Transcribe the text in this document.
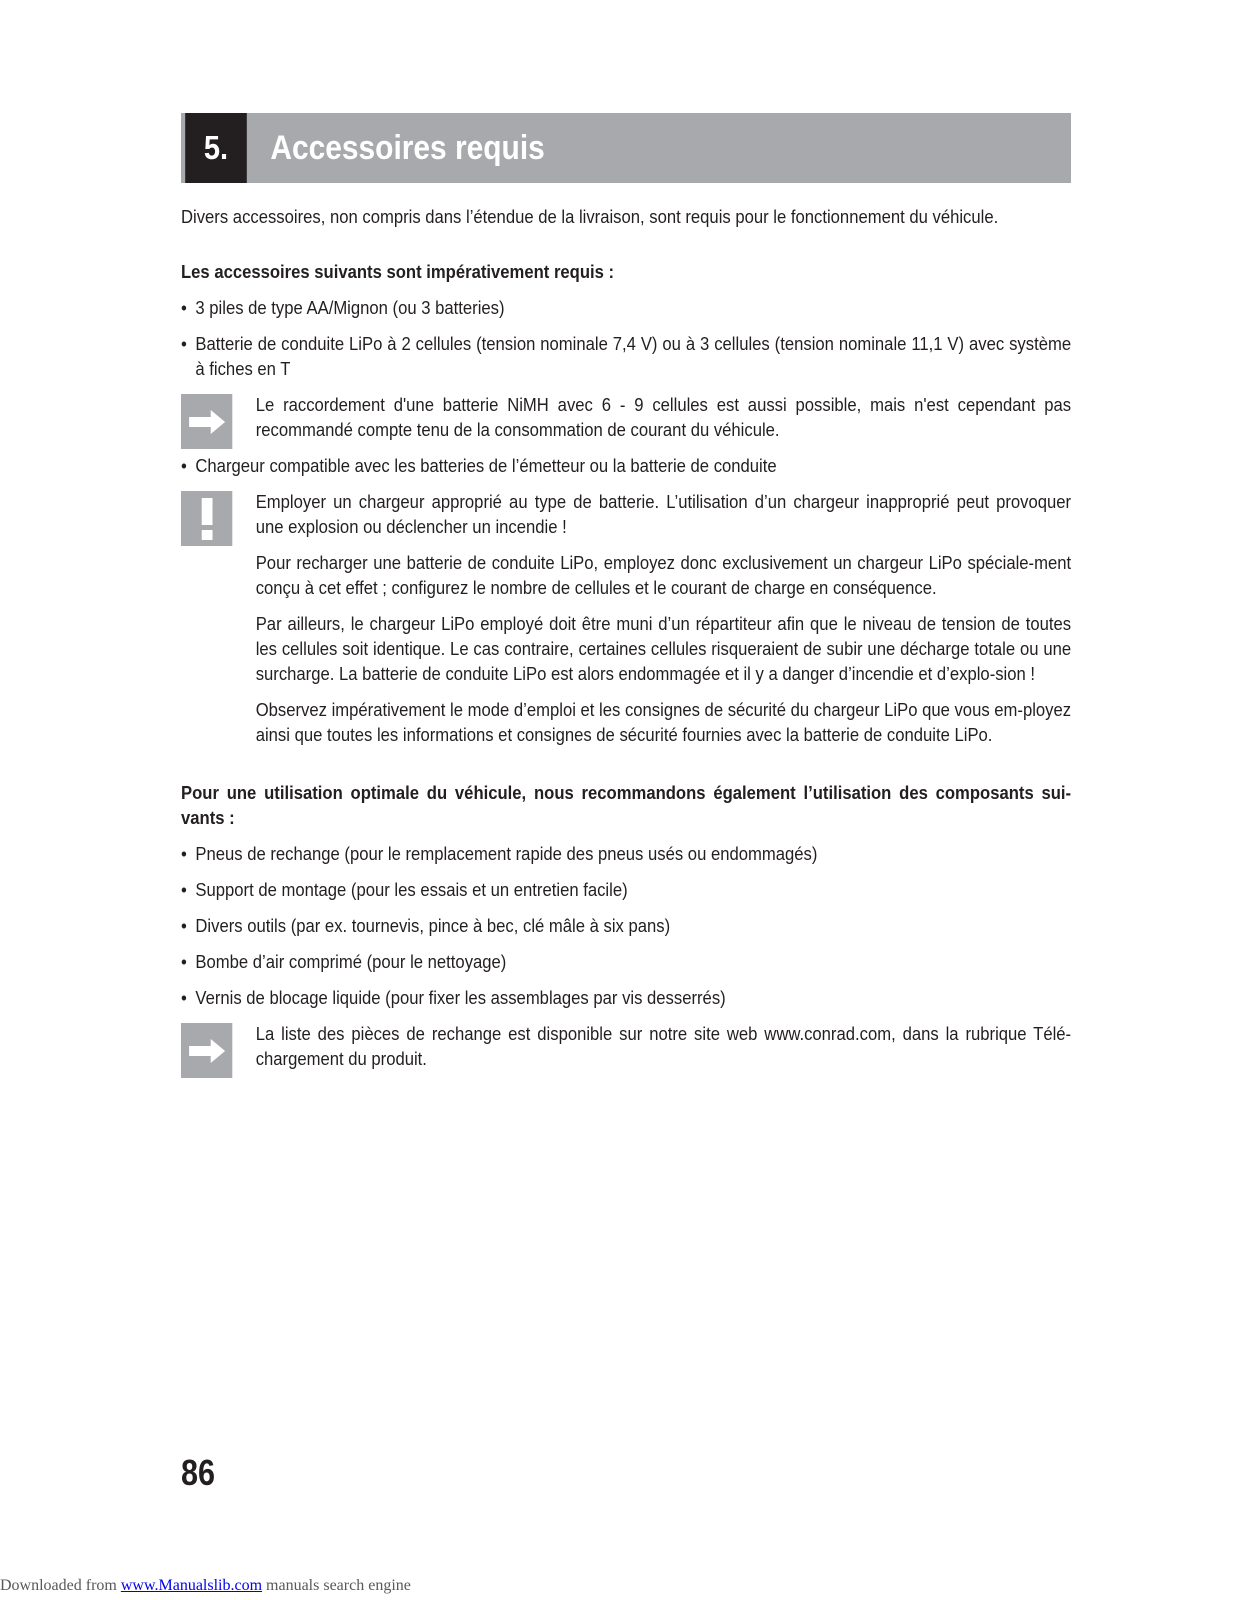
5.	Accessoires requis

Divers accessoires, non compris dans l’étendue de la livraison, sont requis pour le fonctionnement du véhicule.

Les accessoires suivants sont impérativement requis :

• 3 piles de type AA/Mignon (ou 3 batteries)
• Batterie de conduite LiPo à 2 cellules (tension nominale 7,4 V) ou à 3 cellules (tension nominale 11,1 V) avec système à fiches en T

Le raccordement d'une batterie NiMH avec 6 - 9 cellules est aussi possible, mais n'est cependant pas recommandé compte tenu de la consommation de courant du véhicule.

• Chargeur compatible avec les batteries de l’émetteur ou la batterie de conduite

Employer un chargeur approprié au type de batterie. L’utilisation d’un chargeur inapproprié peut provoquer une explosion ou déclencher un incendie !

Pour recharger une batterie de conduite LiPo, employez donc exclusivement un chargeur LiPo spéciale-ment conçu à cet effet ; configurez le nombre de cellules et le courant de charge en conséquence.

Par ailleurs, le chargeur LiPo employé doit être muni d’un répartiteur afin que le niveau de tension de toutes les cellules soit identique. Le cas contraire, certaines cellules risqueraient de subir une décharge totale ou une surcharge. La batterie de conduite LiPo est alors endommagée et il y a danger d’incendie et d’explo-sion !

Observez impérativement le mode d’emploi et les consignes de sécurité du chargeur LiPo que vous em-ployez ainsi que toutes les informations et consignes de sécurité fournies avec la batterie de conduite LiPo.

Pour une utilisation optimale du véhicule, nous recommandons également l’utilisation des composants sui-vants :

• Pneus de rechange (pour le remplacement rapide des pneus usés ou endommagés)
• Support de montage (pour les essais et un entretien facile)
• Divers outils (par ex. tournevis, pince à bec, clé mâle à six pans)
• Bombe d’air comprimé (pour le nettoyage)
• Vernis de blocage liquide (pour fixer les assemblages par vis desserrés)

La liste des pièces de rechange est disponible sur notre site web www.conrad.com, dans la rubrique Télé-chargement du produit.

86
Downloaded from www.Manualslib.com manuals search engine
